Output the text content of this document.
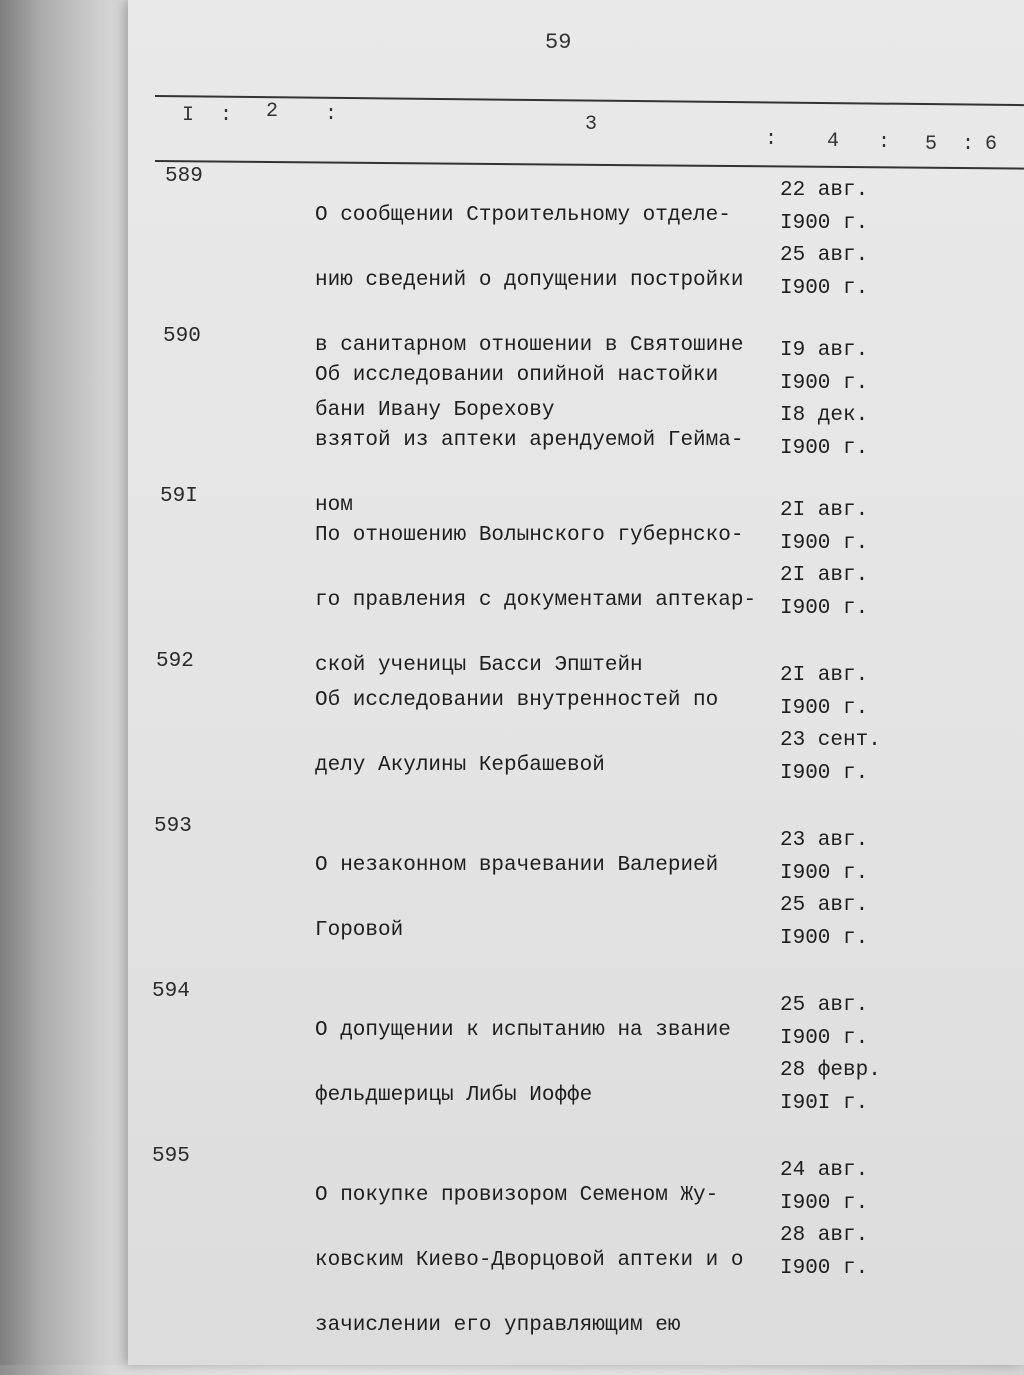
59
I : 2 :	3
: 4 : 5 : 6
589

О сообщении Строительному отделе-

нию сведений о допущении постройки

в санитарном отношении в Святошине

бани Ивану Борехову

22 авг.
I900 г.
25 авг.
I900 г.
590

Об исследовании опийной настойки

взятой из аптеки арендуемой Гейма-

ном

I9 авг.
I900 г.
I8 дек.
I900 г.
59I

По отношению Волынского губернско-

го правления с документами аптекар-

ской ученицы Басси Эпштейн

2I авг.
I900 г.
2I авг.
I900 г.
592

Об исследовании внутренностей по

делу Акулины Кербашевой

2I авг.
I900 г.
23 сент.
I900 г.
593

О незаконном врачевании Валерией

Горовой

23 авг.
I900 г.
25 авг.
I900 г.
594

О допущении к испытанию на звание

фельдшерицы Либы Иоффе

25 авг.
I900 г.
28 февр.
I90I г.
595

О покупке провизором Семеном Жу-

ковским Киево-Дворцовой аптеки и о

зачислении его управляющим ею

24 авг.
I900 г.
28 авг.
I900 г.
